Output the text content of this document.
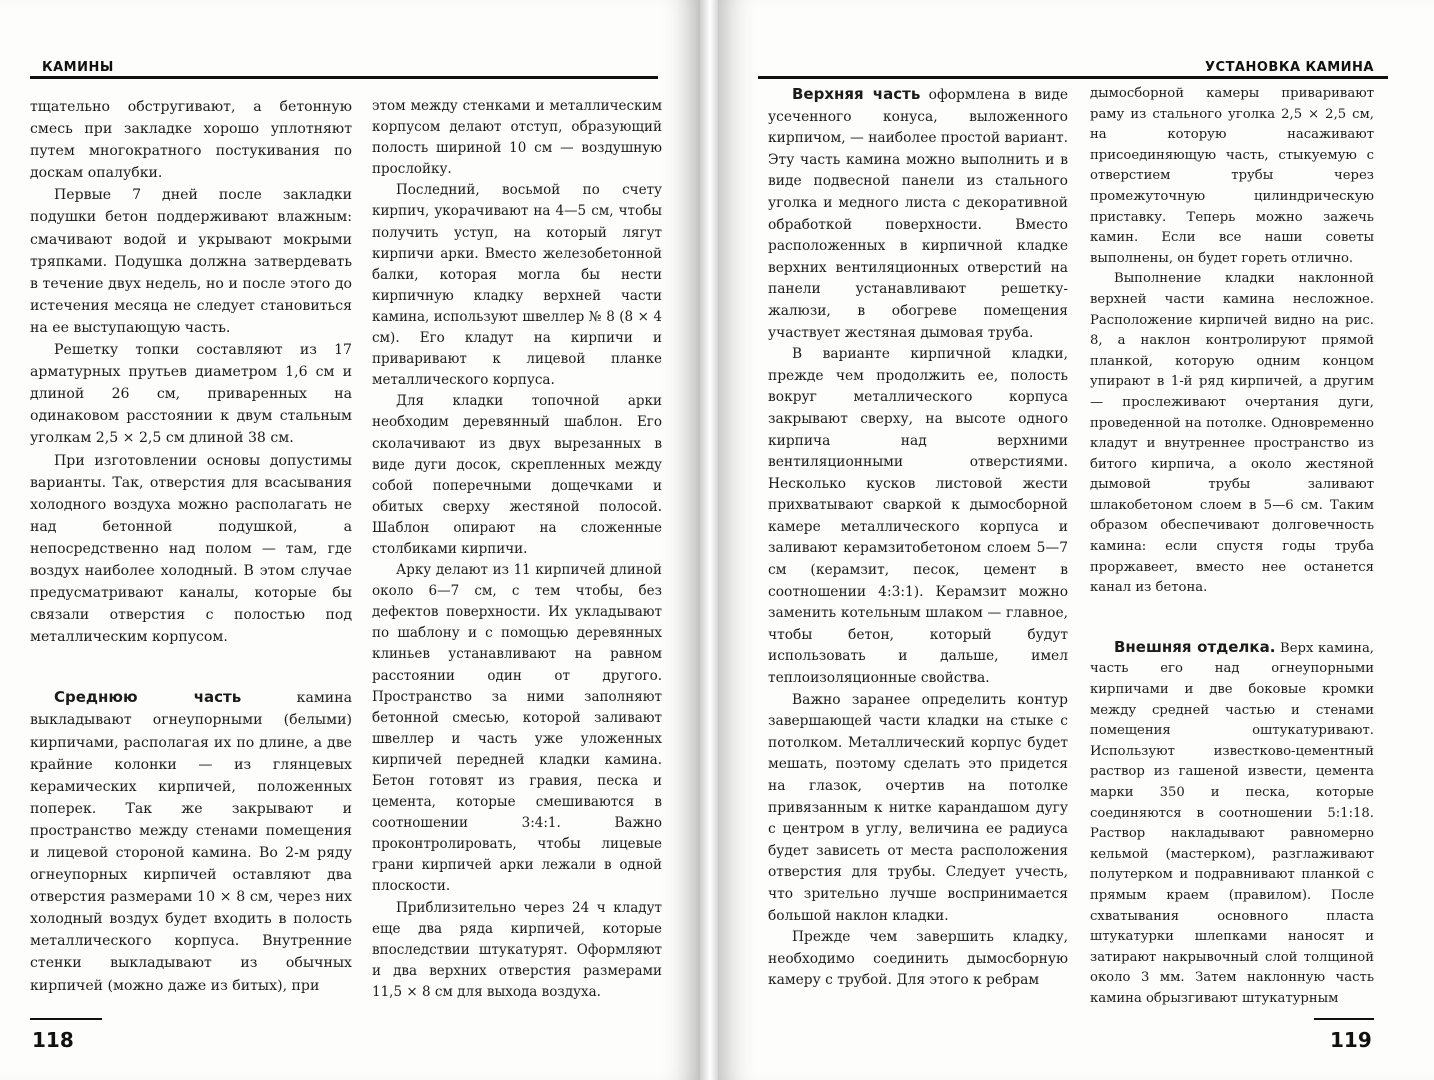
КАМИНЫ

тщательно обстругивают, а бетонную смесь при закладке хорошо уплотняют путем многократного постукивания по доскам опалубки.

Первые 7 дней после закладки подушки бетон поддерживают влажным: смачивают водой и укрывают мокрыми тряпками. Подушка должна затвердевать в течение двух недель, но и после этого до истечения месяца не следует становиться на ее выступающую часть.

Решетку топки составляют из 17 арматурных прутьев диаметром 1,6 см и длиной 26 см, приваренных на одинаковом расстоянии к двум стальным уголкам 2,5 × 2,5 см длиной 38 см.

При изготовлении основы допустимы варианты. Так, отверстия для всасывания холодного воздуха можно располагать не над бетонной подушкой, а непосредственно над полом — там, где воздух наиболее холодный. В этом случае предусматривают каналы, которые бы связали отверстия с полостью под металлическим корпусом.

Среднюю часть камина выкладывают огнеупорными (белыми) кирпичами, располагая их по длине, а две крайние колонки — из глянцевых керамических кирпичей, положенных поперек. Так же закрывают и пространство между стенами помещения и лицевой стороной камина. Во 2-м ряду огнеупорных кирпичей оставляют два отверстия размерами 10 × 8 см, через них холодный воздух будет входить в полость металлического корпуса. Внутренние стенки выкладывают из обычных кирпичей (можно даже из битых), при

этом между стенками и металлическим корпусом делают отступ, образующий полость шириной 10 см — воздушную прослойку.

Последний, восьмой по счету кирпич, укорачивают на 4—5 см, чтобы получить уступ, на который лягут кирпичи арки. Вместо железобетонной балки, которая могла бы нести кирпичную кладку верхней части камина, используют швеллер № 8 (8 × 4 см). Его кладут на кирпичи и приваривают к лицевой планке металлического корпуса.

Для кладки топочной арки необходим деревянный шаблон. Его сколачивают из двух вырезанных в виде дуги досок, скрепленных между собой поперечными дощечками и обитых сверху жестяной полосой. Шаблон опирают на сложенные столбиками кирпичи.

Арку делают из 11 кирпичей длиной около 6—7 см, с тем чтобы, без дефектов поверхности. Их укладывают по шаблону и с помощью деревянных клиньев устанавливают на равном расстоянии один от другого. Пространство за ними заполняют бетонной смесью, которой заливают швеллер и часть уже уложенных кирпичей передней кладки камина. Бетон готовят из гравия, песка и цемента, которые смешиваются в соотношении 3:4:1. Важно проконтролировать, чтобы лицевые грани кирпичей арки лежали в одной плоскости.

Приблизительно через 24 ч кладут еще два ряда кирпичей, которые впоследствии штукатурят. Оформляют и два верхних отверстия размерами 11,5 × 8 см для выхода воздуха.

118
УСТАНОВКА КАМИНА

Верхняя часть оформлена в виде усеченного конуса, выложенного кирпичом, — наиболее простой вариант. Эту часть камина можно выполнить и в виде подвесной панели из стального уголка и медного листа с декоративной обработкой поверхности. Вместо расположенных в кирпичной кладке верхних вентиляционных отверстий на панели устанавливают решетку-жалюзи, в обогреве помещения участвует жестяная дымовая труба.

В варианте кирпичной кладки, прежде чем продолжить ее, полость вокруг металлического корпуса закрывают сверху, на высоте одного кирпича над верхними вентиляционными отверстиями. Несколько кусков листовой жести прихватывают сваркой к дымосборной камере металлического корпуса и заливают керамзитобетоном слоем 5—7 см (керамзит, песок, цемент в соотношении 4:3:1). Керамзит можно заменить котельным шлаком — главное, чтобы бетон, который будут использовать и дальше, имел теплоизоляционные свойства.

Важно заранее определить контур завершающей части кладки на стыке с потолком. Металлический корпус будет мешать, поэтому сделать это придется на глазок, очертив на потолке привязанным к нитке карандашом дугу с центром в углу, величина ее радиуса будет зависеть от места расположения отверстия для трубы. Следует учесть, что зрительно лучше воспринимается большой наклон кладки.

Прежде чем завершить кладку, необходимо соединить дымосборную камеру с трубой. Для этого к ребрам

дымосборной камеры приваривают раму из стального уголка 2,5 × 2,5 см, на которую насаживают присоединяющую часть, стыкуемую с отверстием трубы через промежуточную цилиндрическую приставку. Теперь можно зажечь камин. Если все наши советы выполнены, он будет гореть отлично.

Выполнение кладки наклонной верхней части камина несложное. Расположение кирпичей видно на рис. 8, а наклон контролируют прямой планкой, которую одним концом упирают в 1-й ряд кирпичей, а другим — прослеживают очертания дуги, проведенной на потолке. Одновременно кладут и внутреннее пространство из битого кирпича, а около жестяной дымовой трубы заливают шлакобетоном слоем в 5—6 см. Таким образом обеспечивают долговечность камина: если спустя годы труба проржавеет, вместо нее останется канал из бетона.

Внешняя отделка. Верх камина, часть его над огнеупорными кирпичами и две боковые кромки между средней частью и стенами помещения оштукатуривают. Используют известково-цементный раствор из гашеной извести, цемента марки 350 и песка, которые соединяются в соотношении 5:1:18. Раствор накладывают равномерно кельмой (мастерком), разглаживают полутерком и подравнивают планкой с прямым краем (правилом). После схватывания основного пласта штукатурки шлепками наносят и затирают накрывочный слой толщиной около 3 мм. Затем наклонную часть камина обрызгивают штукатурным

119
